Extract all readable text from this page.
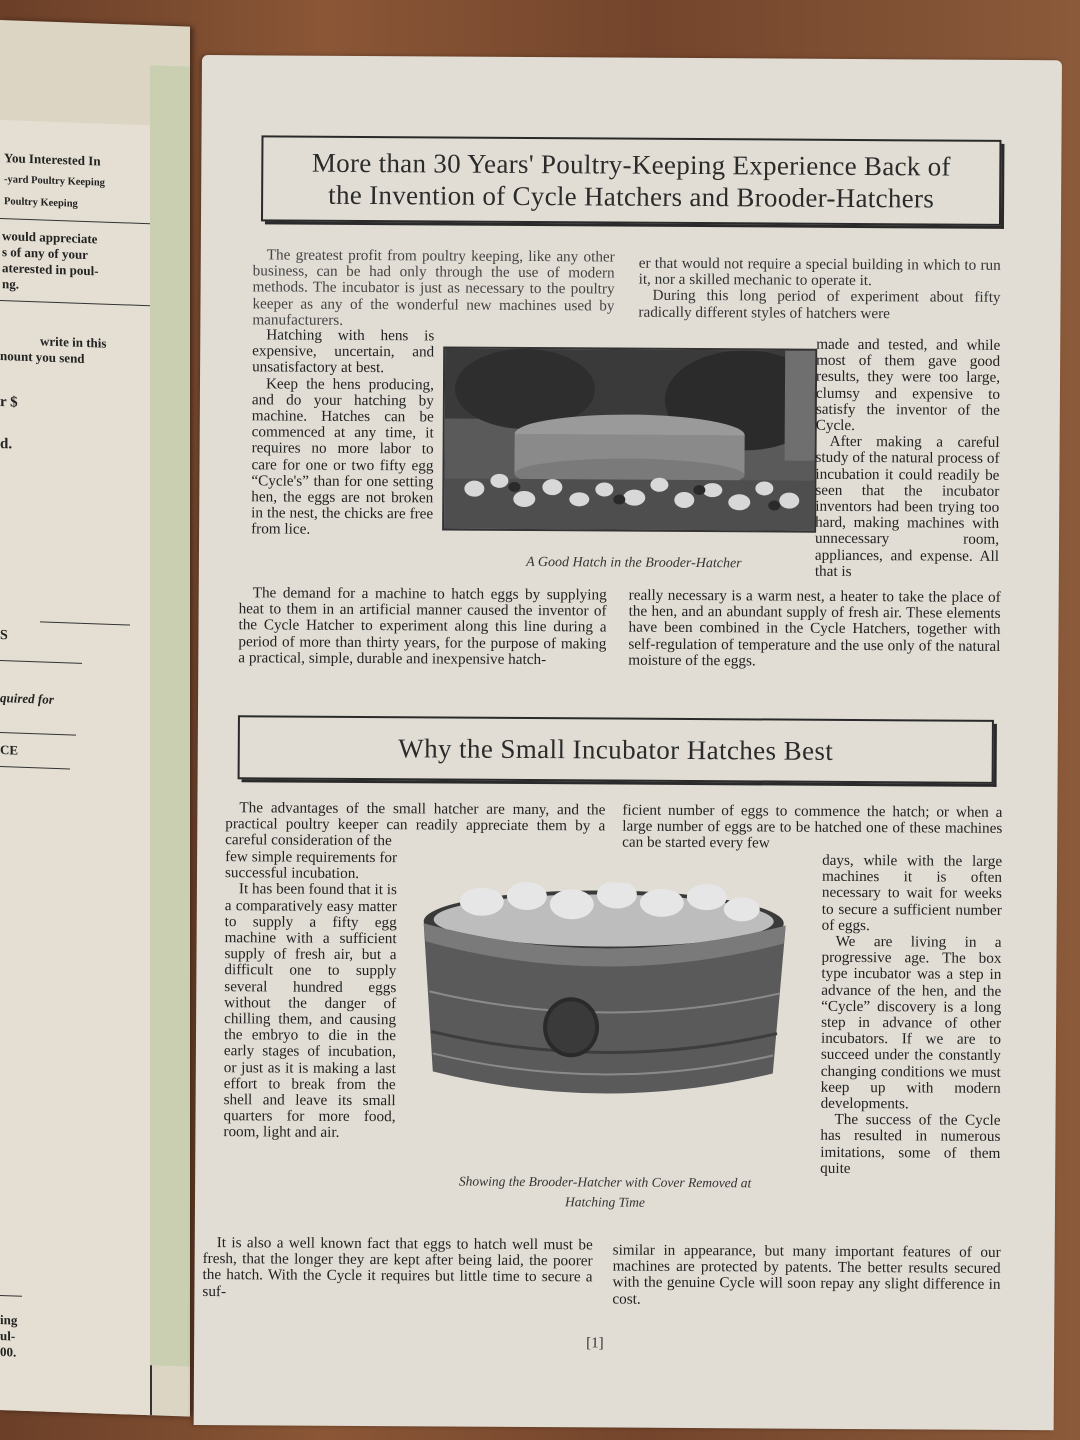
You Interested In
-yard Poultry Keeping
Poultry Keeping
would appreciate
s of any of your
aterested in poul-
ng.
write in this
nount you send
r $
d.
S
quired for
CE
ing
ul-
00.
More than 30 Years' Poultry-Keeping Experience Back of
the Invention of Cycle Hatchers and Brooder-Hatchers

The greatest profit from poultry keeping, like any other business, can be had only through the use of modern methods. The incubator is just as necessary to the poultry keeper as any of the wonderful new machines used by manufacturers.

Hatching with hens is expensive, uncertain, and unsatisfactory at best.

Keep the hens producing, and do your hatching by machine. Hatches can be commenced at any time, it requires no more labor to care for one or two fifty egg “Cycle's” than for one setting hen, the eggs are not broken in the nest, the chicks are free from lice.

A Good Hatch in the Brooder-Hatcher

er that would not require a special building in which to run it, nor a skilled mechanic to operate it.

During this long period of experiment about fifty radically different styles of hatchers were

made and tested, and while most of them gave good results, they were too large, clumsy and expensive to satisfy the inventor of the Cycle.

After making a careful study of the natural process of incubation it could readily be seen that the incubator inventors had been trying too hard, making machines with unnecessary room, appliances, and expense. All that is

The demand for a machine to hatch eggs by supplying heat to them in an artificial manner caused the inventor of the Cycle Hatcher to experiment along this line during a period of more than thirty years, for the purpose of making a practical, simple, durable and inexpensive hatch-

really necessary is a warm nest, a heater to take the place of the hen, and an abundant supply of fresh air. These elements have been combined in the Cycle Hatchers, together with self-regulation of temperature and the use only of the natural moisture of the eggs.

Why the Small Incubator Hatches Best

The advantages of the small hatcher are many, and the practical poultry keeper can readily appreciate them by a careful consideration of the

few simple requirements for successful incubation.

It has been found that it is a comparatively easy matter to supply a fifty egg machine with a sufficient supply of fresh air, but a difficult one to supply several hundred eggs without the danger of chilling them, and causing the embryo to die in the early stages of incubation, or just as it is making a last effort to break from the shell and leave its small quarters for more food, room, light and air.

Showing the Brooder-Hatcher with Cover Removed at
Hatching Time

ficient number of eggs to commence the hatch; or when a large number of eggs are to be hatched one of these machines can be started every few

days, while with the large machines it is often necessary to wait for weeks to secure a sufficient number of eggs.

We are living in a progressive age. The box type incubator was a step in advance of the hen, and the “Cycle” discovery is a long step in advance of other incubators. If we are to succeed under the constantly changing conditions we must keep up with modern developments.

The success of the Cycle has resulted in numerous imitations, some of them quite

It is also a well known fact that eggs to hatch well must be fresh, that the longer they are kept after being laid, the poorer the hatch. With the Cycle it requires but little time to secure a suf-

similar in appearance, but many important features of our machines are protected by patents. The better results secured with the genuine Cycle will soon repay any slight difference in cost.

[1]
